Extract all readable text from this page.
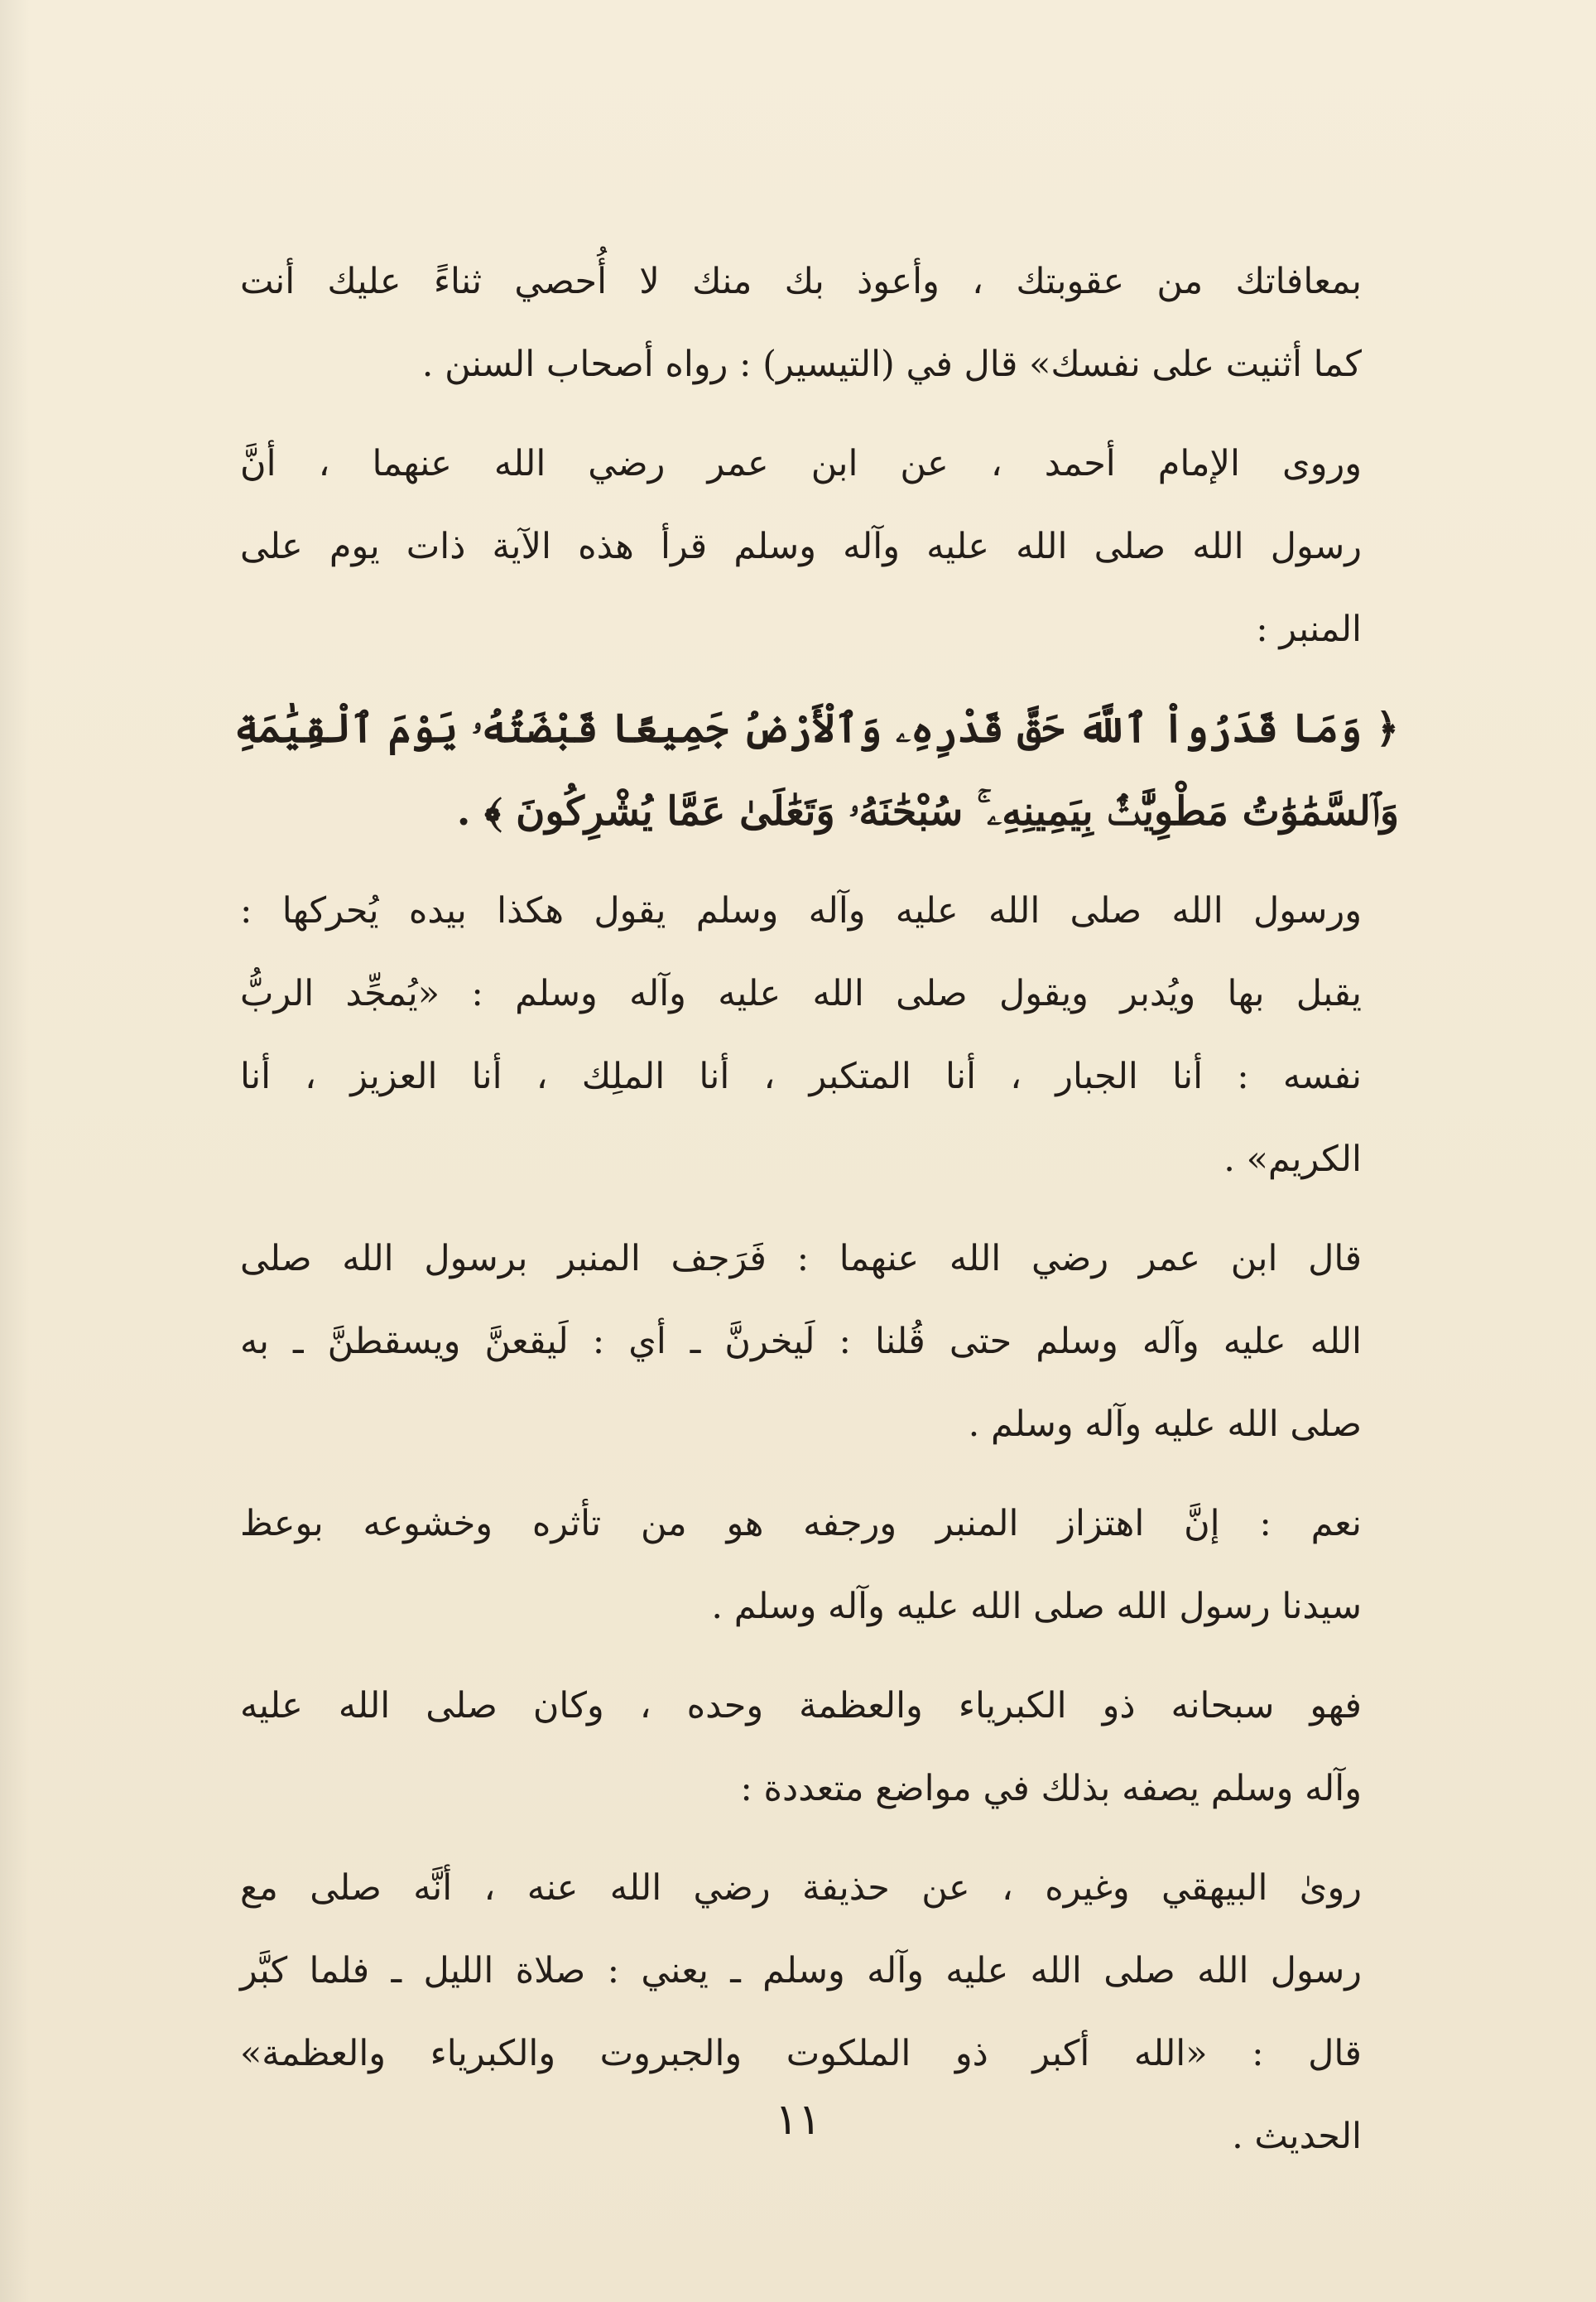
بمعافاتك من عقوبتك ، وأعوذ بك منك لا أُحصي ثناءً عليك أنت
كما أثنيت على نفسك» قال في (التيسير) : رواه أصحاب السنن .

وروى الإمام أحمد ، عن ابن عمر رضي الله عنهما ، أنَّ
رسول الله صلى الله عليه وآله وسلم قرأ هذه الآية ذات يوم على
المنبر :

﴿ وَمَا قَدَرُواْ ٱللَّهَ حَقَّ قَدْرِهِۦ وَٱلْأَرْضُ جَمِيعًا قَبْضَتُهُۥ يَوْمَ ٱلْقِيَٰمَةِ
وَٱلسَّمَٰوَٰتُ مَطْوِيَّٰتٌۢ بِيَمِينِهِۦ ۚ سُبْحَٰنَهُۥ وَتَعَٰلَىٰ عَمَّا يُشْرِكُونَ ﴾ .

ورسول الله صلى الله عليه وآله وسلم يقول هكذا بيده يُحركها :
يقبل بها ويُدبر ويقول صلى الله عليه وآله وسلم : «يُمجِّد الربُّ
نفسه : أنا الجبار ، أنا المتكبر ، أنا الملِك ، أنا العزيز ، أنا
الكريم» .

قال ابن عمر رضي الله عنهما : فَرَجف المنبر برسول الله صلى
الله عليه وآله وسلم حتى قُلنا : لَيخرنَّ ـ أي : لَيقعنَّ ويسقطنَّ ـ به
صلى الله عليه وآله وسلم .

نعم : إنَّ اهتزاز المنبر ورجفه هو من تأثره وخشوعه بوعظ
سيدنا رسول الله صلى الله عليه وآله وسلم .

فهو سبحانه ذو الكبرياء والعظمة وحده ، وكان صلى الله عليه
وآله وسلم يصفه بذلك في مواضع متعددة :

روىٰ البيهقي وغيره ، عن حذيفة رضي الله عنه ، أنَّه صلى مع
رسول الله صلى الله عليه وآله وسلم ـ يعني : صلاة الليل ـ فلما كبَّر
قال : «الله أكبر ذو الملكوت والجبروت والكبرياء والعظمة»
الحديث .

١١
